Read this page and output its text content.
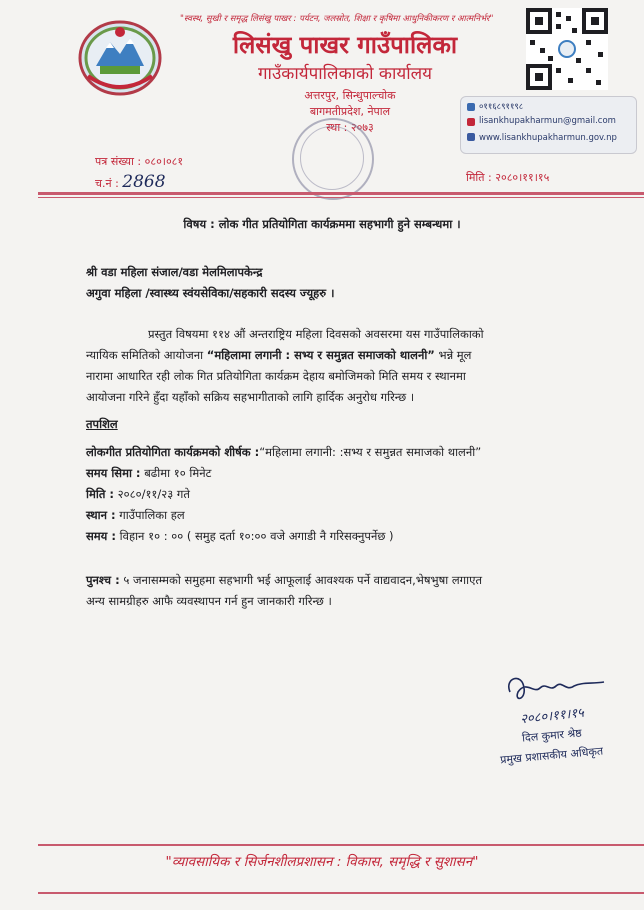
"स्वस्थ, सुखी र समृद्ध लिसंखु पाखर : पर्यटन, जलस्रोत, शिक्षा र कृषिमा आधुनिकीकरण र आत्मनिर्भर"
लिसंखु पाखर गाउँपालिका
गाउँकार्यपालिकाको कार्यालय
अत्तरपुर, सिन्धुपाल्चोक
बागमतीप्रदेश, नेपाल
स्था : २०७३
०११६८९११९८
lisankhupakharmun@gmail.com
www.lisankhupakharmun.gov.np
पत्र संख्या : ०८०।०८१
च.नं : 2868	मिति : २०८०।११।१५
विषय : लोक गीत प्रतियोगिता कार्यक्रममा सहभागी हुने सम्बन्धमा ।
श्री वडा महिला संजाल/वडा मेलमिलापकेन्द्र
अगुवा महिला /स्वास्थ्य स्वंयसेविका/सहकारी सदस्य ज्यूहरु ।
प्रस्तुत विषयमा ११४ औं अन्तराष्ट्रिय महिला दिवसको अवसरमा यस गाउँपालिकाको
न्यायिक समितिको आयोजना “महिलामा लगानी : सभ्य र समुन्नत समाजको थालनी” भन्ने मूल
नारामा आधारित रही लोक गित प्रतियोगिता कार्यक्रम देहाय बमोजिमको मिति समय र स्थानमा
आयोजना गरिने हुँदा यहाँको सक्रिय सहभागीताको लागि हार्दिक अनुरोध गरिन्छ ।
तपशिल
लोकगीत प्रतियोगिता कार्यक्रमको शीर्षक :“महिलामा लगानी: :सभ्य र समुन्नत समाजको थालनी”
समय सिमा : बढीमा १० मिनेट
मिति : २०८०/११/२३ गते
स्थान : गाउँपालिका हल
समय : विहान १० : ०० ( समुह दर्ता १०:०० वजे अगाडी नै गरिसक्नुपर्नेछ )
पुनश्च : ५ जनासम्मको समुहमा सहभागी भई आफूलाई आवश्यक पर्ने वाद्यवादन,भेषभुषा लगाएत
अन्य सामग्रीहरु आफै व्यवस्थापन गर्न हुन जानकारी गरिन्छ ।
२०८०।११।१५
दिल कुमार श्रेष्ठ
प्रमुख प्रशासकीय अधिकृत
"व्यावसायिक र सिर्जनशीलप्रशासन : विकास, समृद्धि र सुशासन"
